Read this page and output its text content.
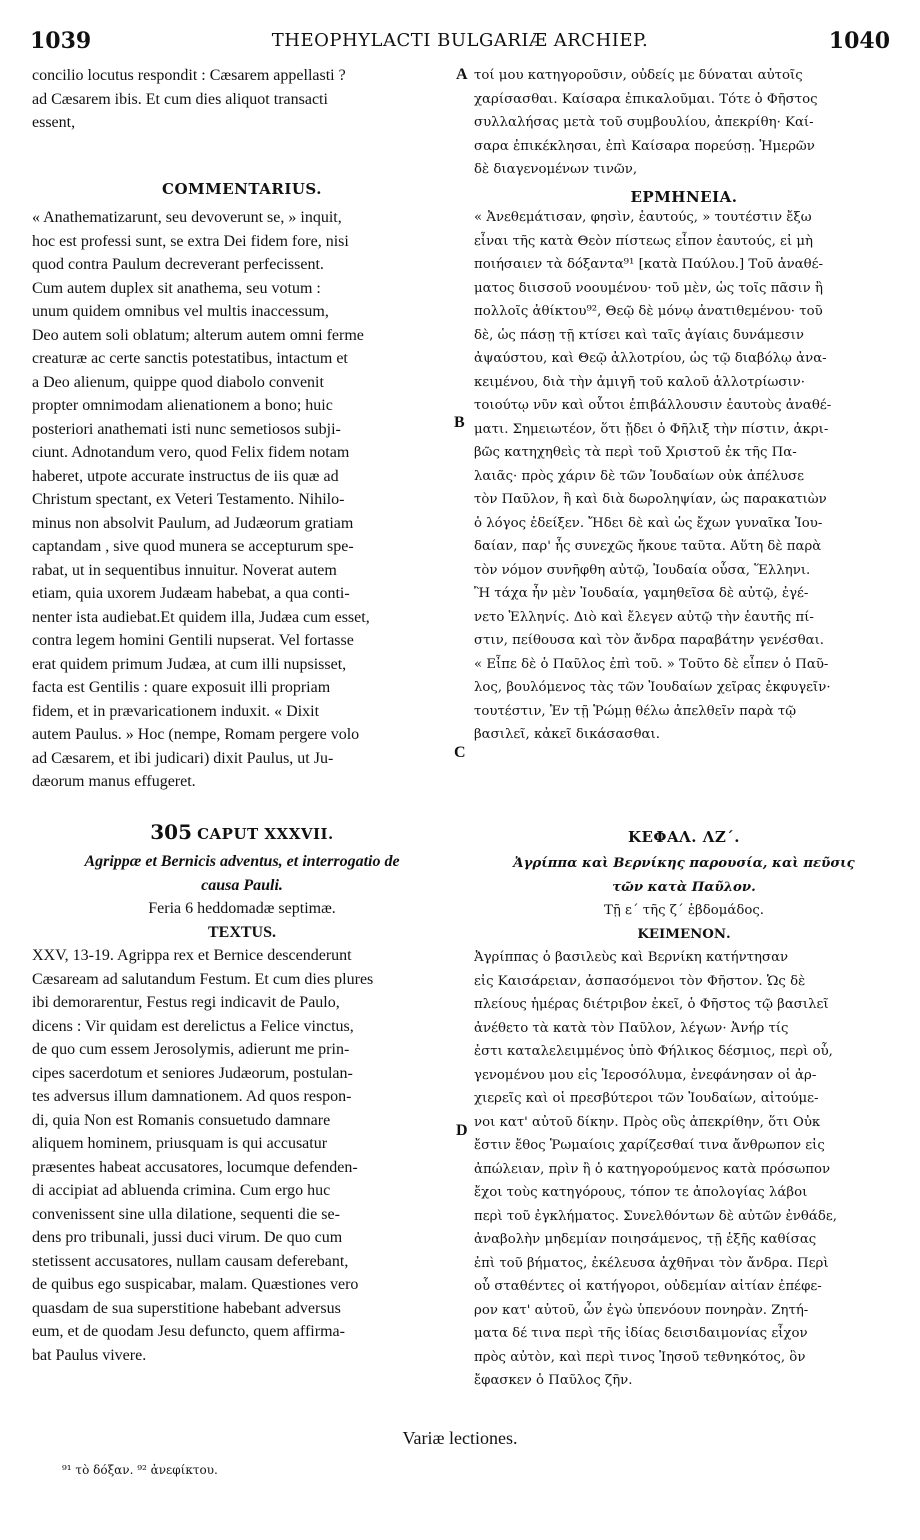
1039	THEOPHYLACTI BULGARIÆ ARCHIEP.	1040
A
B
C
D
concilio locutus respondit : Cæsarem appellasti ?
ad Cæsarem ibis. Et cum dies aliquot transacti
essent,
COMMENTARIUS.
« Anathematizarunt, seu devoverunt se, » inquit,
hoc est professi sunt, se extra Dei fidem fore, nisi
quod contra Paulum decreverant perfecissent.
Cum autem duplex sit anathema, seu votum :
unum quidem omnibus vel multis inaccessum,
Deo autem soli oblatum; alterum autem omni ferme
creaturæ ac certe sanctis potestatibus, intactum et
a Deo alienum, quippe quod diabolo convenit
propter omnimodam alienationem a bono; huic
posteriori anathemati isti nunc semetiosos subji-
ciunt. Adnotandum vero, quod Felix fidem notam
haberet, utpote accurate instructus de iis quæ ad
Christum spectant, ex Veteri Testamento. Nihilo-
minus non absolvit Paulum, ad Judæorum gratiam
captandam , sive quod munera se accepturum spe-
rabat, ut in sequentibus innuitur. Noverat autem
etiam, quia uxorem Judæam habebat, a qua conti-
nenter ista audiebat.Et quidem illa, Judæa cum esset,
contra legem homini Gentili nupserat. Vel fortasse
erat quidem primum Judæa, at cum illi nupsisset,
facta est Gentilis : quare exposuit illi propriam
fidem, et in prævaricationem induxit. « Dixit
autem Paulus. » Hoc (nempe, Romam pergere volo
ad Cæsarem, et ibi judicari) dixit Paulus, ut Ju-
dæorum manus effugeret.
305 CAPUT XXXVII.
Agrippæ et Bernicis adventus, et interrogatio de
causa Pauli.
Feria 6 heddomadæ septimæ.
TEXTUS.
XXV, 13-19. Agrippa rex et Bernice descenderunt
Cæsaream ad salutandum Festum. Et cum dies plures
ibi demorarentur, Festus regi indicavit de Paulo,
dicens : Vir quidam est derelictus a Felice vinctus,
de quo cum essem Jerosolymis, adierunt me prin-
cipes sacerdotum et seniores Judæorum, postulan-
tes adversus illum damnationem. Ad quos respon-
di, quia Non est Romanis consuetudo damnare
aliquem hominem, priusquam is qui accusatur
præsentes habeat accusatores, locumque defenden-
di accipiat ad abluenda crimina. Cum ergo huc
convenissent sine ulla dilatione, sequenti die se-
dens pro tribunali, jussi duci virum. De quo cum
stetissent accusatores, nullam causam deferebant,
de quibus ego suspicabar, malam. Quæstiones vero
quasdam de sua superstitione habebant adversus
eum, et de quodam Jesu defuncto, quem affirma-
bat Paulus vivere.
τοί μου κατηγοροῦσιν, οὐδείς με δύναται αὐτοῖς
χαρίσασθαι. Καίσαρα ἐπικαλοῦμαι. Τότε ὁ Φῆστος
συλλαλήσας μετὰ τοῦ συμβουλίου, ἀπεκρίθη· Καί-
σαρα ἐπικέκλησαι, ἐπὶ Καίσαρα πορεύσῃ. Ἡμερῶν
δὲ διαγενομένων τινῶν,
ΕΡΜΗΝΕΙΑ.
« Ἀνεθεμάτισαν, φησὶν, ἑαυτούς, » τουτέστιν ἔξω
εἶναι τῆς κατὰ Θεὸν πίστεως εἶπον ἑαυτούς, εἰ μὴ
ποιήσαιεν τὰ δόξαντα⁹¹ [κατὰ Παύλου.] Τοῦ ἀναθέ-
ματος διισσοῦ νοουμένου· τοῦ μὲν, ὡς τοῖς πᾶσιν ἢ
πολλοῖς ἀθίκτου⁹², Θεῷ δὲ μόνῳ ἀνατιθεμένου· τοῦ
δὲ, ὡς πάσῃ τῇ κτίσει καὶ ταῖς ἁγίαις δυνάμεσιν
ἀψαύστου, καὶ Θεῷ ἀλλοτρίου, ὡς τῷ διαβόλῳ ἀνα-
κειμένου, διὰ τὴν ἀμιγῆ τοῦ καλοῦ ἀλλοτρίωσιν·
τοιούτῳ νῦν καὶ οὗτοι ἐπιβάλλουσιν ἑαυτοὺς ἀναθέ-
ματι. Σημειωτέον, ὅτι ᾔδει ὁ Φῆλιξ τὴν πίστιν, ἀκρι-
βῶς κατηχηθεὶς τὰ περὶ τοῦ Χριστοῦ ἐκ τῆς Πα-
λαιᾶς· πρὸς χάριν δὲ τῶν Ἰουδαίων οὐκ ἀπέλυσε
τὸν Παῦλον, ἢ καὶ διὰ δωροληψίαν, ὡς παρακατιὼν
ὁ λόγος ἐδείξεν. Ἤδει δὲ καὶ ὡς ἔχων γυναῖκα Ἰου-
δαίαν, παρ' ἧς συνεχῶς ἤκουε ταῦτα. Αὕτη δὲ παρὰ
τὸν νόμον συνῆφθη αὐτῷ, Ἰουδαία οὖσα, Ἕλληνι.
Ἢ τάχα ἦν μὲν Ἰουδαία, γαμηθεῖσα δὲ αὐτῷ, ἐγέ-
νετο Ἑλληνίς. Διὸ καὶ ἔλεγεν αὐτῷ τὴν ἑαυτῆς πί-
στιν, πείθουσα καὶ τὸν ἄνδρα παραβάτην γενέσθαι.
« Εἶπε δὲ ὁ Παῦλος ἐπὶ τοῦ. » Τοῦτο δὲ εἶπεν ὁ Παῦ-
λος, βουλόμενος τὰς τῶν Ἰουδαίων χεῖρας ἐκφυγεῖν·
τουτέστιν, Ἐν τῇ Ῥώμῃ θέλω ἀπελθεῖν παρὰ τῷ
βασιλεῖ, κἀκεῖ δικάσασθαι.
ΚΕΦΑΛ. ΛΖ΄.
Ἀγρίππα καὶ Βερνίκης παρουσία, καὶ πεῦσις
τῶν κατὰ Παῦλον.
Τῇ ε΄ τῆς ζ΄ ἑβδομάδος.
ΚΕΙΜΕΝΟΝ.
Ἀγρίππας ὁ βασιλεὺς καὶ Βερνίκη κατήντησαν
εἰς Καισάρειαν, ἀσπασόμενοι τὸν Φῆστον. Ὡς δὲ
πλείους ἡμέρας διέτριβον ἐκεῖ, ὁ Φῆστος τῷ βασιλεῖ
ἀνέθετο τὰ κατὰ τὸν Παῦλον, λέγων· Ἀνήρ τίς
ἐστι καταλελειμμένος ὑπὸ Φήλικος δέσμιος, περὶ οὗ,
γενομένου μου εἰς Ἱεροσόλυμα, ἐνεφάνησαν οἱ ἀρ-
χιερεῖς καὶ οἱ πρεσβύτεροι τῶν Ἰουδαίων, αἰτούμε-
νοι κατ' αὐτοῦ δίκην. Πρὸς οὓς ἀπεκρίθην, ὅτι Οὐκ
ἔστιν ἔθος Ῥωμαίοις χαρίζεσθαί τινα ἄνθρωπον εἰς
ἀπώλειαν, πρὶν ἢ ὁ κατηγορούμενος κατὰ πρόσωπον
ἔχοι τοὺς κατηγόρους, τόπον τε ἀπολογίας λάβοι
περὶ τοῦ ἐγκλήματος. Συνελθόντων δὲ αὐτῶν ἐνθάδε,
ἀναβολὴν μηδεμίαν ποιησάμενος, τῇ ἑξῆς καθίσας
ἐπὶ τοῦ βήματος, ἐκέλευσα ἀχθῆναι τὸν ἄνδρα. Περὶ
οὗ σταθέντες οἱ κατήγοροι, οὐδεμίαν αἰτίαν ἐπέφε-
ρον κατ' αὐτοῦ, ὧν ἐγὼ ὑπενόουν πονηρὰν. Ζητή-
ματα δέ τινα περὶ τῆς ἰδίας δεισιδαιμονίας εἶχον
πρὸς αὐτὸν, καὶ περὶ τινος Ἰησοῦ τεθνηκότος, ὃν
ἔφασκεν ὁ Παῦλος ζῆν.
Variæ lectiones.
⁹¹ τὸ δόξαν. ⁹² ἀνεφίκτου.
